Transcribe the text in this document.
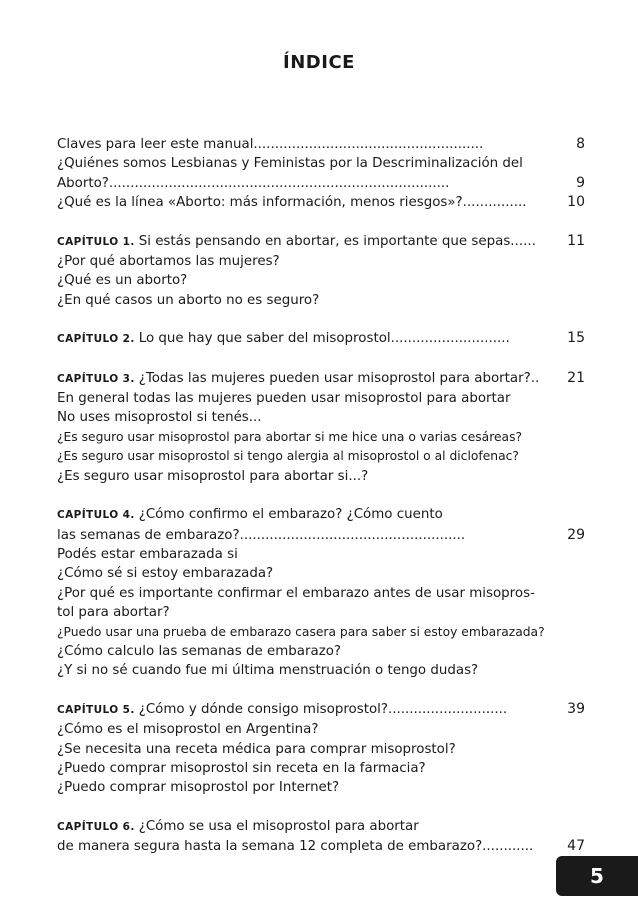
ÍNDICE
Claves para leer este manual......................................................	8
¿Quiénes somos Lesbianas y Feministas por la Descriminalización del
Aborto?................................................................................	9
¿Qué es la línea «Aborto: más información, menos riesgos»?...............	10
CAPÍTULO 1. Si estás pensando en abortar, es importante que sepas...... 11
¿Por qué abortamos las mujeres?
¿Qué es un aborto?
¿En qué casos un aborto no es seguro?
CAPÍTULO 2. Lo que hay que saber del misoprostol............................	15
CAPÍTULO 3. ¿Todas las mujeres pueden usar misoprostol para abortar?.. 21
En general todas las mujeres pueden usar misoprostol para abortar
No uses misoprostol si tenés...
¿Es seguro usar misoprostol para abortar si me hice una o varias cesáreas?
¿Es seguro usar misoprostol si tengo alergia al misoprostol o al diclofenac?
¿Es seguro usar misoprostol para abortar si...?
CAPÍTULO 4. ¿Cómo confirmo el embarazo? ¿Cómo cuento
las semanas de embarazo?.....................................................	29
Podés estar embarazada si
¿Cómo sé si estoy embarazada?
¿Por qué es importante confirmar el embarazo antes de usar misopros-
tol para abortar?
¿Puedo usar una prueba de embarazo casera para saber si estoy embarazada?
¿Cómo calculo las semanas de embarazo?
¿Y si no sé cuando fue mi última menstruación o tengo dudas?
CAPÍTULO 5. ¿Cómo y dónde consigo misoprostol?............................	39
¿Cómo es el misoprostol en Argentina?
¿Se necesita una receta médica para comprar misoprostol?
¿Puedo comprar misoprostol sin receta en la farmacia?
¿Puedo comprar misoprostol por Internet?
CAPÍTULO 6. ¿Cómo se usa el misoprostol para abortar
de manera segura hasta la semana 12 completa de embarazo?............ 47
5
